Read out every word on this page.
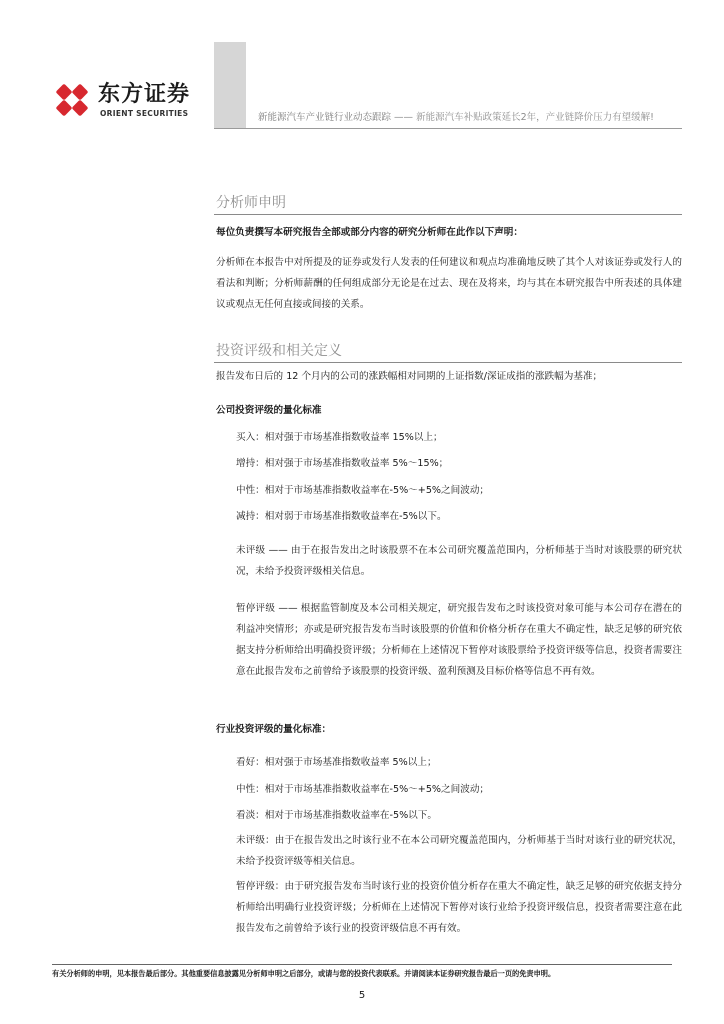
东方证券
ORIENT SECURITIES	新能源汽车产业链行业动态跟踪 —— 新能源汽车补贴政策延长2年，产业链降价压力有望缓解!
分析师申明
每位负责撰写本研究报告全部或部分内容的研究分析师在此作以下声明：
分析师在本报告中对所提及的证券或发行人发表的任何建议和观点均准确地反映了其个人对该证券或发行人的看法和判断；分析师薪酬的任何组成部分无论是在过去、现在及将来，均与其在本研究报告中所表述的具体建议或观点无任何直接或间接的关系。
投资评级和相关定义
报告发布日后的 12 个月内的公司的涨跌幅相对同期的上证指数/深证成指的涨跌幅为基准；
公司投资评级的量化标准
买入：相对强于市场基准指数收益率 15%以上；
增持：相对强于市场基准指数收益率 5%～15%；
中性：相对于市场基准指数收益率在-5%～+5%之间波动；
减持：相对弱于市场基准指数收益率在-5%以下。
未评级 —— 由于在报告发出之时该股票不在本公司研究覆盖范围内，分析师基于当时对该股票的研究状况，未给予投资评级相关信息。
暂停评级 —— 根据监管制度及本公司相关规定，研究报告发布之时该投资对象可能与本公司存在潜在的利益冲突情形；亦或是研究报告发布当时该股票的价值和价格分析存在重大不确定性，缺乏足够的研究依据支持分析师给出明确投资评级；分析师在上述情况下暂停对该股票给予投资评级等信息，投资者需要注意在此报告发布之前曾给予该股票的投资评级、盈利预测及目标价格等信息不再有效。
行业投资评级的量化标准：
看好：相对强于市场基准指数收益率 5%以上；
中性：相对于市场基准指数收益率在-5%～+5%之间波动；
看淡：相对于市场基准指数收益率在-5%以下。
未评级：由于在报告发出之时该行业不在本公司研究覆盖范围内，分析师基于当时对该行业的研究状况，未给予投资评级等相关信息。
暂停评级：由于研究报告发布当时该行业的投资价值分析存在重大不确定性，缺乏足够的研究依据支持分析师给出明确行业投资评级；分析师在上述情况下暂停对该行业给予投资评级信息，投资者需要注意在此报告发布之前曾给予该行业的投资评级信息不再有效。
有关分析师的申明，见本报告最后部分。其他重要信息披露见分析师申明之后部分，或请与您的投资代表联系。并请阅读本证券研究报告最后一页的免责申明。
5
